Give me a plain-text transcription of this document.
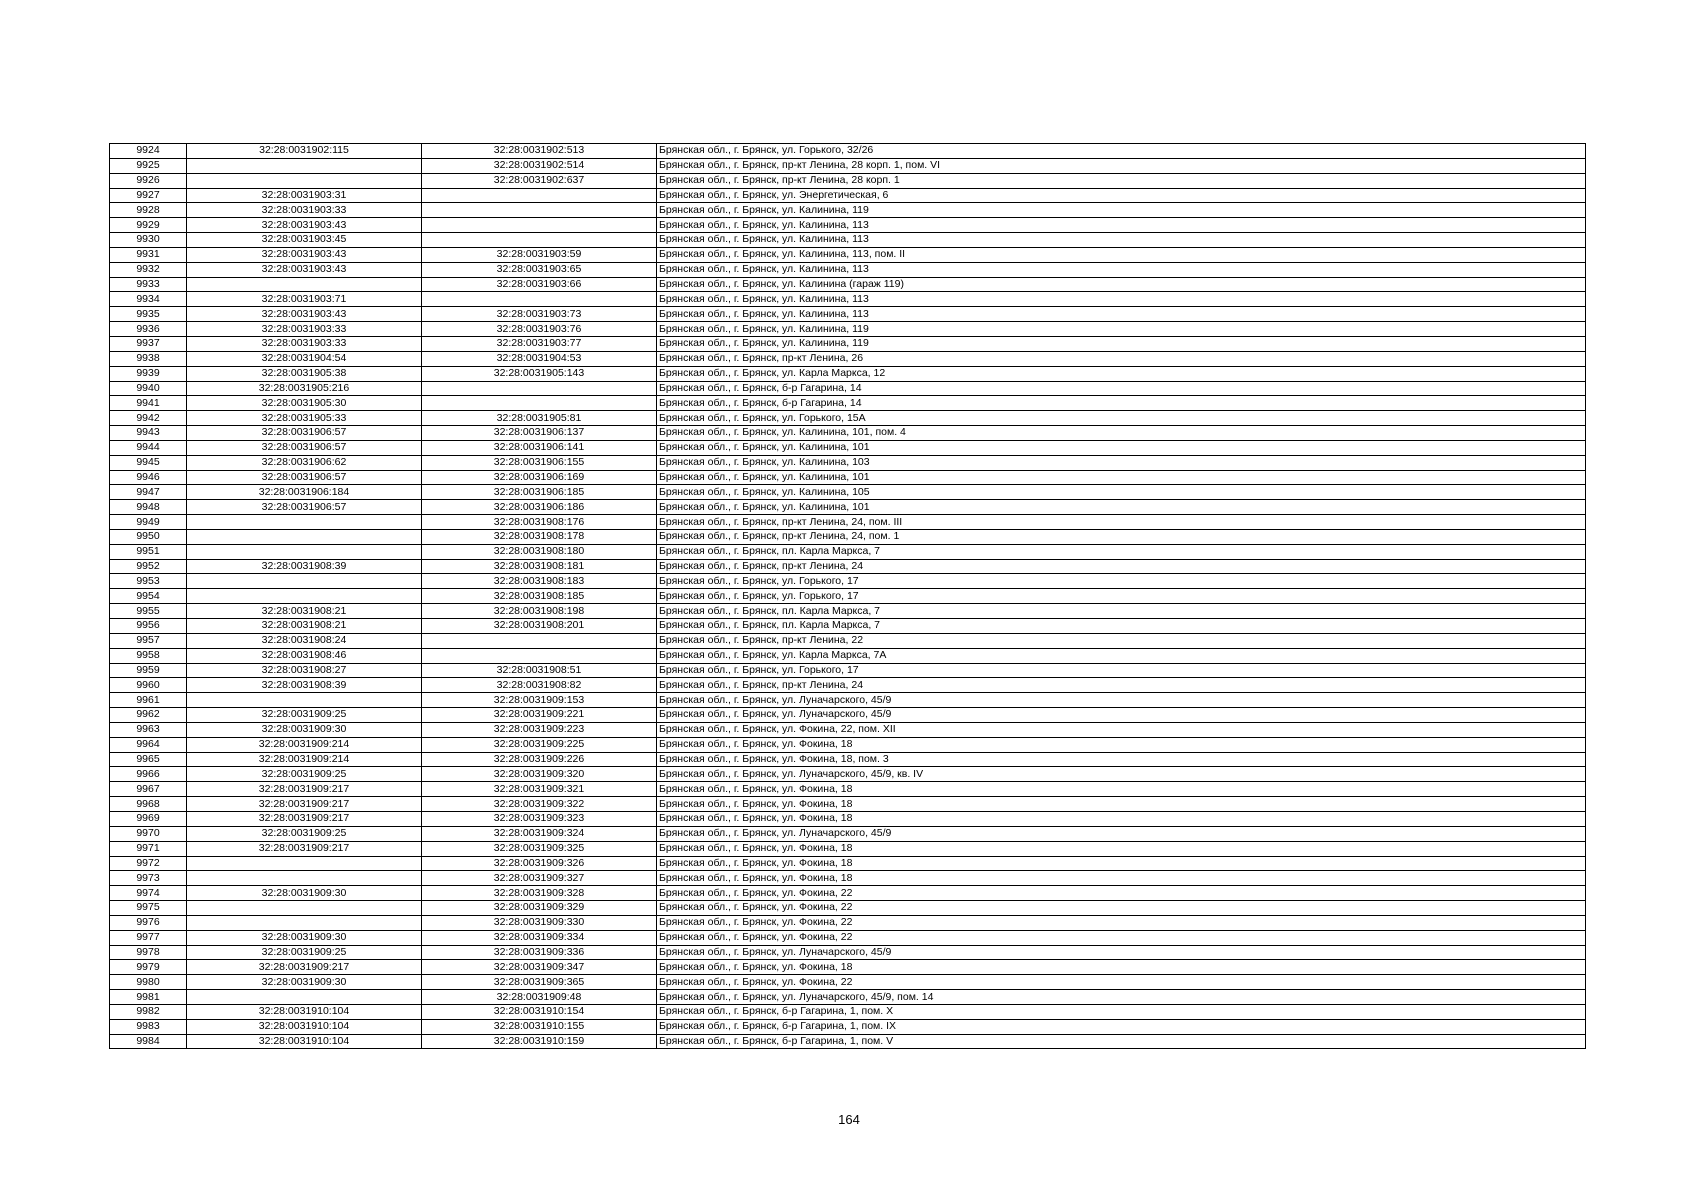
9924	32:28:0031902:115	32:28:0031902:513	Брянская обл., г. Брянск, ул. Горького, 32/26
9925		32:28:0031902:514	Брянская обл., г. Брянск, пр-кт Ленина, 28 корп. 1, пом. VI
9926		32:28:0031902:637	Брянская обл., г. Брянск, пр-кт Ленина, 28 корп. 1
9927	32:28:0031903:31		Брянская обл., г. Брянск, ул. Энергетическая, 6
9928	32:28:0031903:33		Брянская обл., г. Брянск, ул. Калинина, 119
9929	32:28:0031903:43		Брянская обл., г. Брянск, ул. Калинина, 113
9930	32:28:0031903:45		Брянская обл., г. Брянск, ул. Калинина, 113
9931	32:28:0031903:43	32:28:0031903:59	Брянская обл., г. Брянск, ул. Калинина, 113, пом. II
9932	32:28:0031903:43	32:28:0031903:65	Брянская обл., г. Брянск, ул. Калинина, 113
9933		32:28:0031903:66	Брянская обл., г. Брянск, ул. Калинина (гараж 119)
9934	32:28:0031903:71		Брянская обл., г. Брянск, ул. Калинина, 113
9935	32:28:0031903:43	32:28:0031903:73	Брянская обл., г. Брянск, ул. Калинина, 113
9936	32:28:0031903:33	32:28:0031903:76	Брянская обл., г. Брянск, ул. Калинина, 119
9937	32:28:0031903:33	32:28:0031903:77	Брянская обл., г. Брянск, ул. Калинина, 119
9938	32:28:0031904:54	32:28:0031904:53	Брянская обл., г. Брянск, пр-кт Ленина, 26
9939	32:28:0031905:38	32:28:0031905:143	Брянская обл., г. Брянск, ул. Карла Маркса, 12
9940	32:28:0031905:216		Брянская обл., г. Брянск, б-р Гагарина, 14
9941	32:28:0031905:30		Брянская обл., г. Брянск, б-р Гагарина, 14
9942	32:28:0031905:33	32:28:0031905:81	Брянская обл., г. Брянск, ул. Горького, 15А
9943	32:28:0031906:57	32:28:0031906:137	Брянская обл., г. Брянск, ул. Калинина, 101, пом. 4
9944	32:28:0031906:57	32:28:0031906:141	Брянская обл., г. Брянск, ул. Калинина, 101
9945	32:28:0031906:62	32:28:0031906:155	Брянская обл., г. Брянск, ул. Калинина, 103
9946	32:28:0031906:57	32:28:0031906:169	Брянская обл., г. Брянск, ул. Калинина, 101
9947	32:28:0031906:184	32:28:0031906:185	Брянская обл., г. Брянск, ул. Калинина, 105
9948	32:28:0031906:57	32:28:0031906:186	Брянская обл., г. Брянск, ул. Калинина, 101
9949		32:28:0031908:176	Брянская обл., г. Брянск, пр-кт Ленина, 24, пом. III
9950		32:28:0031908:178	Брянская обл., г. Брянск, пр-кт Ленина, 24, пом. 1
9951		32:28:0031908:180	Брянская обл., г. Брянск, пл. Карла Маркса, 7
9952	32:28:0031908:39	32:28:0031908:181	Брянская обл., г. Брянск, пр-кт Ленина, 24
9953		32:28:0031908:183	Брянская обл., г. Брянск, ул. Горького, 17
9954		32:28:0031908:185	Брянская обл., г. Брянск, ул. Горького, 17
9955	32:28:0031908:21	32:28:0031908:198	Брянская обл., г. Брянск, пл. Карла Маркса, 7
9956	32:28:0031908:21	32:28:0031908:201	Брянская обл., г. Брянск, пл. Карла Маркса, 7
9957	32:28:0031908:24		Брянская обл., г. Брянск, пр-кт Ленина, 22
9958	32:28:0031908:46		Брянская обл., г. Брянск, ул. Карла Маркса, 7А
9959	32:28:0031908:27	32:28:0031908:51	Брянская обл., г. Брянск, ул. Горького, 17
9960	32:28:0031908:39	32:28:0031908:82	Брянская обл., г. Брянск, пр-кт Ленина, 24
9961		32:28:0031909:153	Брянская обл., г. Брянск, ул. Луначарского, 45/9
9962	32:28:0031909:25	32:28:0031909:221	Брянская обл., г. Брянск, ул. Луначарского, 45/9
9963	32:28:0031909:30	32:28:0031909:223	Брянская обл., г. Брянск, ул. Фокина, 22, пом. XII
9964	32:28:0031909:214	32:28:0031909:225	Брянская обл., г. Брянск, ул. Фокина, 18
9965	32:28:0031909:214	32:28:0031909:226	Брянская обл., г. Брянск, ул. Фокина, 18, пом. 3
9966	32:28:0031909:25	32:28:0031909:320	Брянская обл., г. Брянск, ул. Луначарского, 45/9, кв. IV
9967	32:28:0031909:217	32:28:0031909:321	Брянская обл., г. Брянск, ул. Фокина, 18
9968	32:28:0031909:217	32:28:0031909:322	Брянская обл., г. Брянск, ул. Фокина, 18
9969	32:28:0031909:217	32:28:0031909:323	Брянская обл., г. Брянск, ул. Фокина, 18
9970	32:28:0031909:25	32:28:0031909:324	Брянская обл., г. Брянск, ул. Луначарского, 45/9
9971	32:28:0031909:217	32:28:0031909:325	Брянская обл., г. Брянск, ул. Фокина, 18
9972		32:28:0031909:326	Брянская обл., г. Брянск, ул. Фокина, 18
9973		32:28:0031909:327	Брянская обл., г. Брянск, ул. Фокина, 18
9974	32:28:0031909:30	32:28:0031909:328	Брянская обл., г. Брянск, ул. Фокина, 22
9975		32:28:0031909:329	Брянская обл., г. Брянск, ул. Фокина, 22
9976		32:28:0031909:330	Брянская обл., г. Брянск, ул. Фокина, 22
9977	32:28:0031909:30	32:28:0031909:334	Брянская обл., г. Брянск, ул. Фокина, 22
9978	32:28:0031909:25	32:28:0031909:336	Брянская обл., г. Брянск, ул. Луначарского, 45/9
9979	32:28:0031909:217	32:28:0031909:347	Брянская обл., г. Брянск, ул. Фокина, 18
9980	32:28:0031909:30	32:28:0031909:365	Брянская обл., г. Брянск, ул. Фокина, 22
9981		32:28:0031909:48	Брянская обл., г. Брянск, ул. Луначарского, 45/9, пом. 14
9982	32:28:0031910:104	32:28:0031910:154	Брянская обл., г. Брянск, б-р Гагарина, 1, пом. X
9983	32:28:0031910:104	32:28:0031910:155	Брянская обл., г. Брянск, б-р Гагарина, 1, пом. IX
9984	32:28:0031910:104	32:28:0031910:159	Брянская обл., г. Брянск, б-р Гагарина, 1, пом. V
164
